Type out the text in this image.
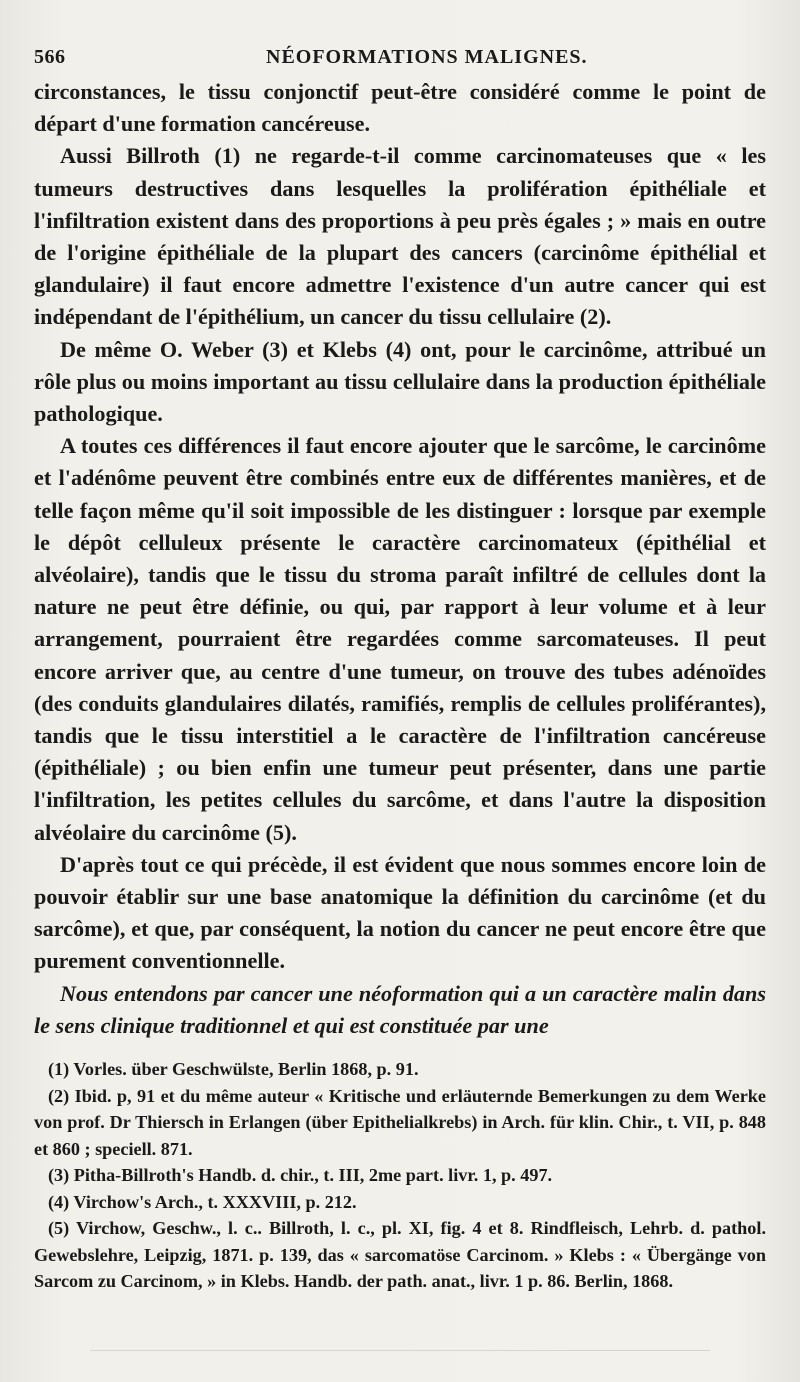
566	NÉOFORMATIONS MALIGNES.

circonstances, le tissu conjonctif peut-être considéré comme le point de départ d'une formation cancéreuse.

Aussi Billroth (1) ne regarde-t-il comme carcinomateuses que « les tumeurs destructives dans lesquelles la prolifération épithéliale et l'infiltration existent dans des proportions à peu près égales ; » mais en outre de l'origine épithéliale de la plupart des cancers (carcinôme épithélial et glandulaire) il faut encore admettre l'existence d'un autre cancer qui est indépendant de l'épithélium, un cancer du tissu cellulaire (2).

De même O. Weber (3) et Klebs (4) ont, pour le carcinôme, attribué un rôle plus ou moins important au tissu cellulaire dans la production épithéliale pathologique.

A toutes ces différences il faut encore ajouter que le sarcôme, le carcinôme et l'adénôme peuvent être combinés entre eux de différentes manières, et de telle façon même qu'il soit impossible de les distinguer : lorsque par exemple le dépôt celluleux présente le caractère carcinomateux (épithélial et alvéolaire), tandis que le tissu du stroma paraît infiltré de cellules dont la nature ne peut être définie, ou qui, par rapport à leur volume et à leur arrangement, pourraient être regardées comme sarcomateuses. Il peut encore arriver que, au centre d'une tumeur, on trouve des tubes adénoïdes (des conduits glandulaires dilatés, ramifiés, remplis de cellules proliférantes), tandis que le tissu interstitiel a le caractère de l'infiltration cancéreuse (épithéliale) ; ou bien enfin une tumeur peut présenter, dans une partie l'infiltration, les petites cellules du sarcôme, et dans l'autre la disposition alvéolaire du carcinôme (5).

D'après tout ce qui précède, il est évident que nous sommes encore loin de pouvoir établir sur une base anatomique la définition du carcinôme (et du sarcôme), et que, par conséquent, la notion du cancer ne peut encore être que purement conventionnelle.

Nous entendons par cancer une néoformation qui a un caractère malin dans le sens clinique traditionnel et qui est constituée par une

(1) Vorles. über Geschwülste, Berlin 1868, p. 91.

(2) Ibid. p, 91 et du même auteur « Kritische und erläuternde Bemerkungen zu dem Werke von prof. Dr Thiersch in Erlangen (über Epithelialkrebs) in Arch. für klin. Chir., t. VII, p. 848 et 860 ; speciell. 871.

(3) Pitha-Billroth's Handb. d. chir., t. III, 2me part. livr. 1, p. 497.

(4) Virchow's Arch., t. XXXVIII, p. 212.

(5) Virchow, Geschw., l. c.. Billroth, l. c., pl. XI, fig. 4 et 8. Rindfleisch, Lehrb. d. pathol. Gewebslehre, Leipzig, 1871. p. 139, das « sarcomatöse Carcinom. » Klebs : « Übergänge von Sarcom zu Carcinom, » in Klebs. Handb. der path. anat., livr. 1 p. 86. Berlin, 1868.
